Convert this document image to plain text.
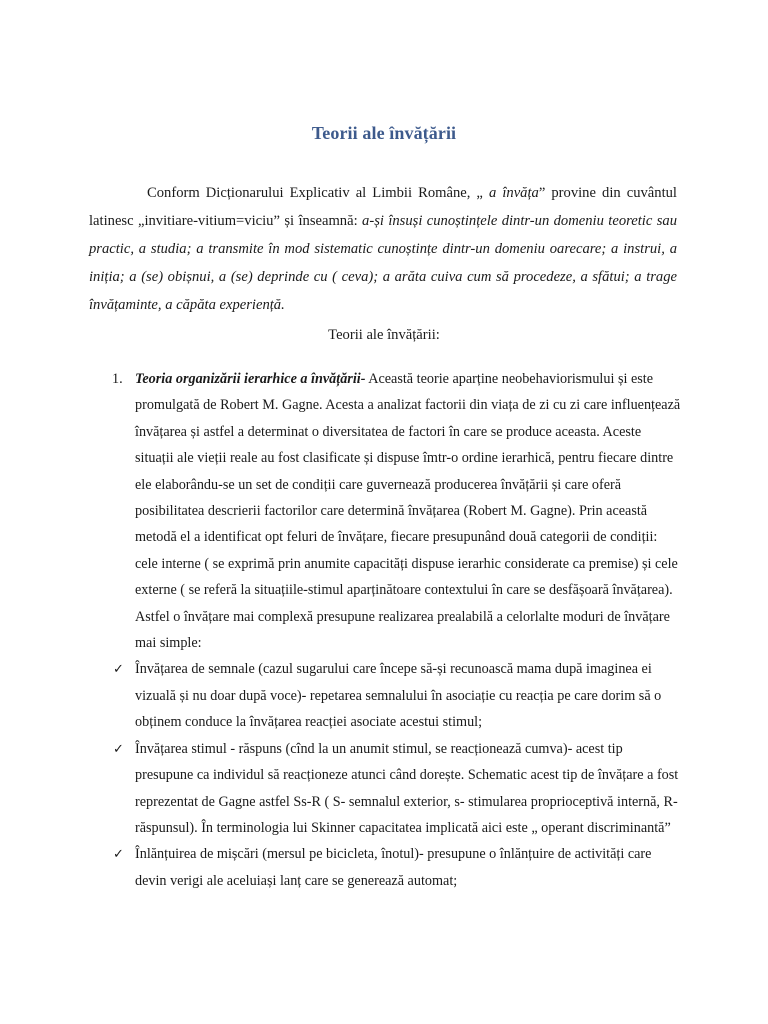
Teorii ale învățării
Conform Dicționarului Explicativ al Limbii Române, „ a învăța” provine din cuvântul latinesc „invitiare-vitium=viciu” și înseamnă: a-și însuși cunoștințele dintr-un domeniu teoretic sau practic, a studia; a transmite în mod sistematic cunoștințe dintr-un domeniu oarecare; a instrui, a iniția; a (se) obișnui, a (se) deprinde cu ( ceva); a arăta cuiva cum să procedeze, a sfătui; a trage învățaminte, a căpăta experiență.
Teorii ale învățării:
1. Teoria organizării ierarhice a învățării- Această teorie aparține neobehaviorismului și este promulgată de Robert M. Gagne. Acesta a analizat factorii din viața de zi cu zi care influențează învățarea și astfel a determinat o diversitatea de factori în care se produce aceasta. Aceste situații ale vieții reale au fost clasificate și dispuse îmtr-o ordine ierarhică, pentru fiecare dintre ele elaborându-se un set de condiții care guvernează producerea învățării și care oferă posibilitatea descrierii factorilor care determină învățarea (Robert M. Gagne). Prin această metodă el a identificat opt feluri de învățare, fiecare presupunând două categorii de condiții: cele interne ( se exprimă prin anumite capacități dispuse ierarhic considerate ca premise) și cele externe ( se referă la situațiile-stimul aparținătoare contextului în care se desfășoară învățarea). Astfel o învățare mai complexă presupune realizarea prealabilă a celorlalte moduri de învățare mai simple:
✓ Învățarea de semnale (cazul sugarului care începe să-și recunoască mama după imaginea ei vizuală și nu doar după voce)- repetarea semnalului în asociație cu reacția pe care dorim să o obținem conduce la învățarea reacției asociate acestui stimul;
✓ Învățarea stimul - răspuns (cînd la un anumit stimul, se reacționează cumva)- acest tip presupune ca individul să reacționeze atunci când dorește. Schematic acest tip de învățare a fost reprezentat de Gagne astfel Ss-R ( S- semnalul exterior, s- stimularea proprioceptivă internă, R- răspunsul). În terminologia lui Skinner capacitatea implicată aici este „ operant discriminantă”
✓ Înlănțuirea de mișcări (mersul pe bicicleta, înotul)- presupune o înlănțuire de activități care devin verigi ale aceluiași lanț care se generează automat;
